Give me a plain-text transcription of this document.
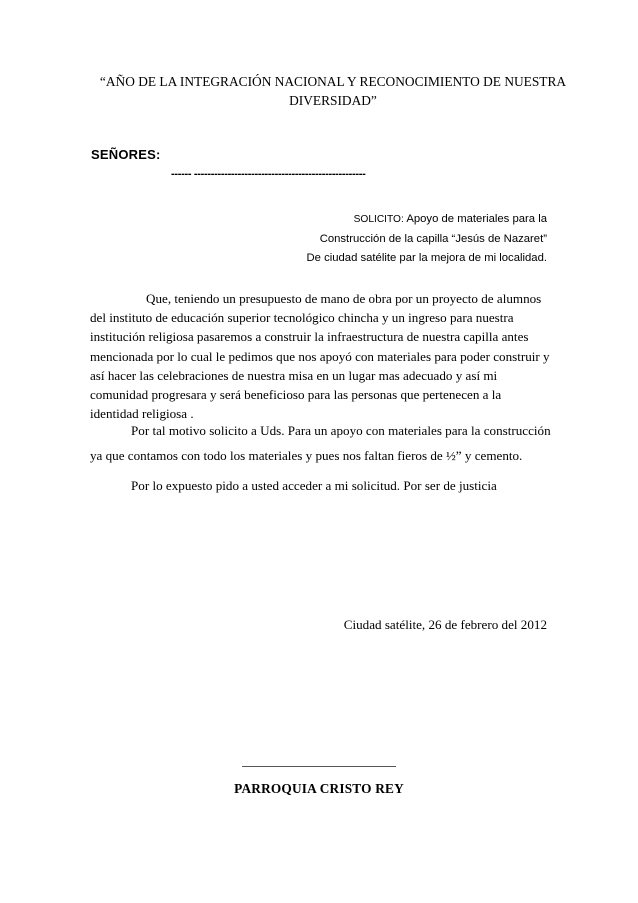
“AÑO DE LA INTEGRACIÓN NACIONAL Y RECONOCIMIENTO DE NUESTRA
DIVERSIDAD”

SEÑORES:

------ ---------------------------------------------------

SOLICITO: Apoyo de materiales para la
Construcción de la capilla “Jesús de Nazaret”
De ciudad satélite par la mejora de mi localidad.
Que, teniendo un presupuesto de mano de obra por un proyecto de alumnos
del instituto de educación superior tecnológico chincha y un ingreso para nuestra
institución religiosa pasaremos a construir la infraestructura de nuestra capilla antes
mencionada por lo cual le pedimos que nos apoyó con materiales para poder construir y
así hacer las celebraciones de nuestra misa en un lugar mas adecuado y así mi
comunidad progresara y será beneficioso para las personas que pertenecen a la
identidad religiosa .
Por tal motivo solicito a Uds. Para un apoyo con materiales para la construcción
ya que contamos con todo los materiales y pues nos faltan fieros de ½” y cemento.
Por lo expuesto pido a usted acceder a mi solicitud. Por ser de justicia

Ciudad satélite, 26 de febrero del 2012

PARROQUIA CRISTO REY
